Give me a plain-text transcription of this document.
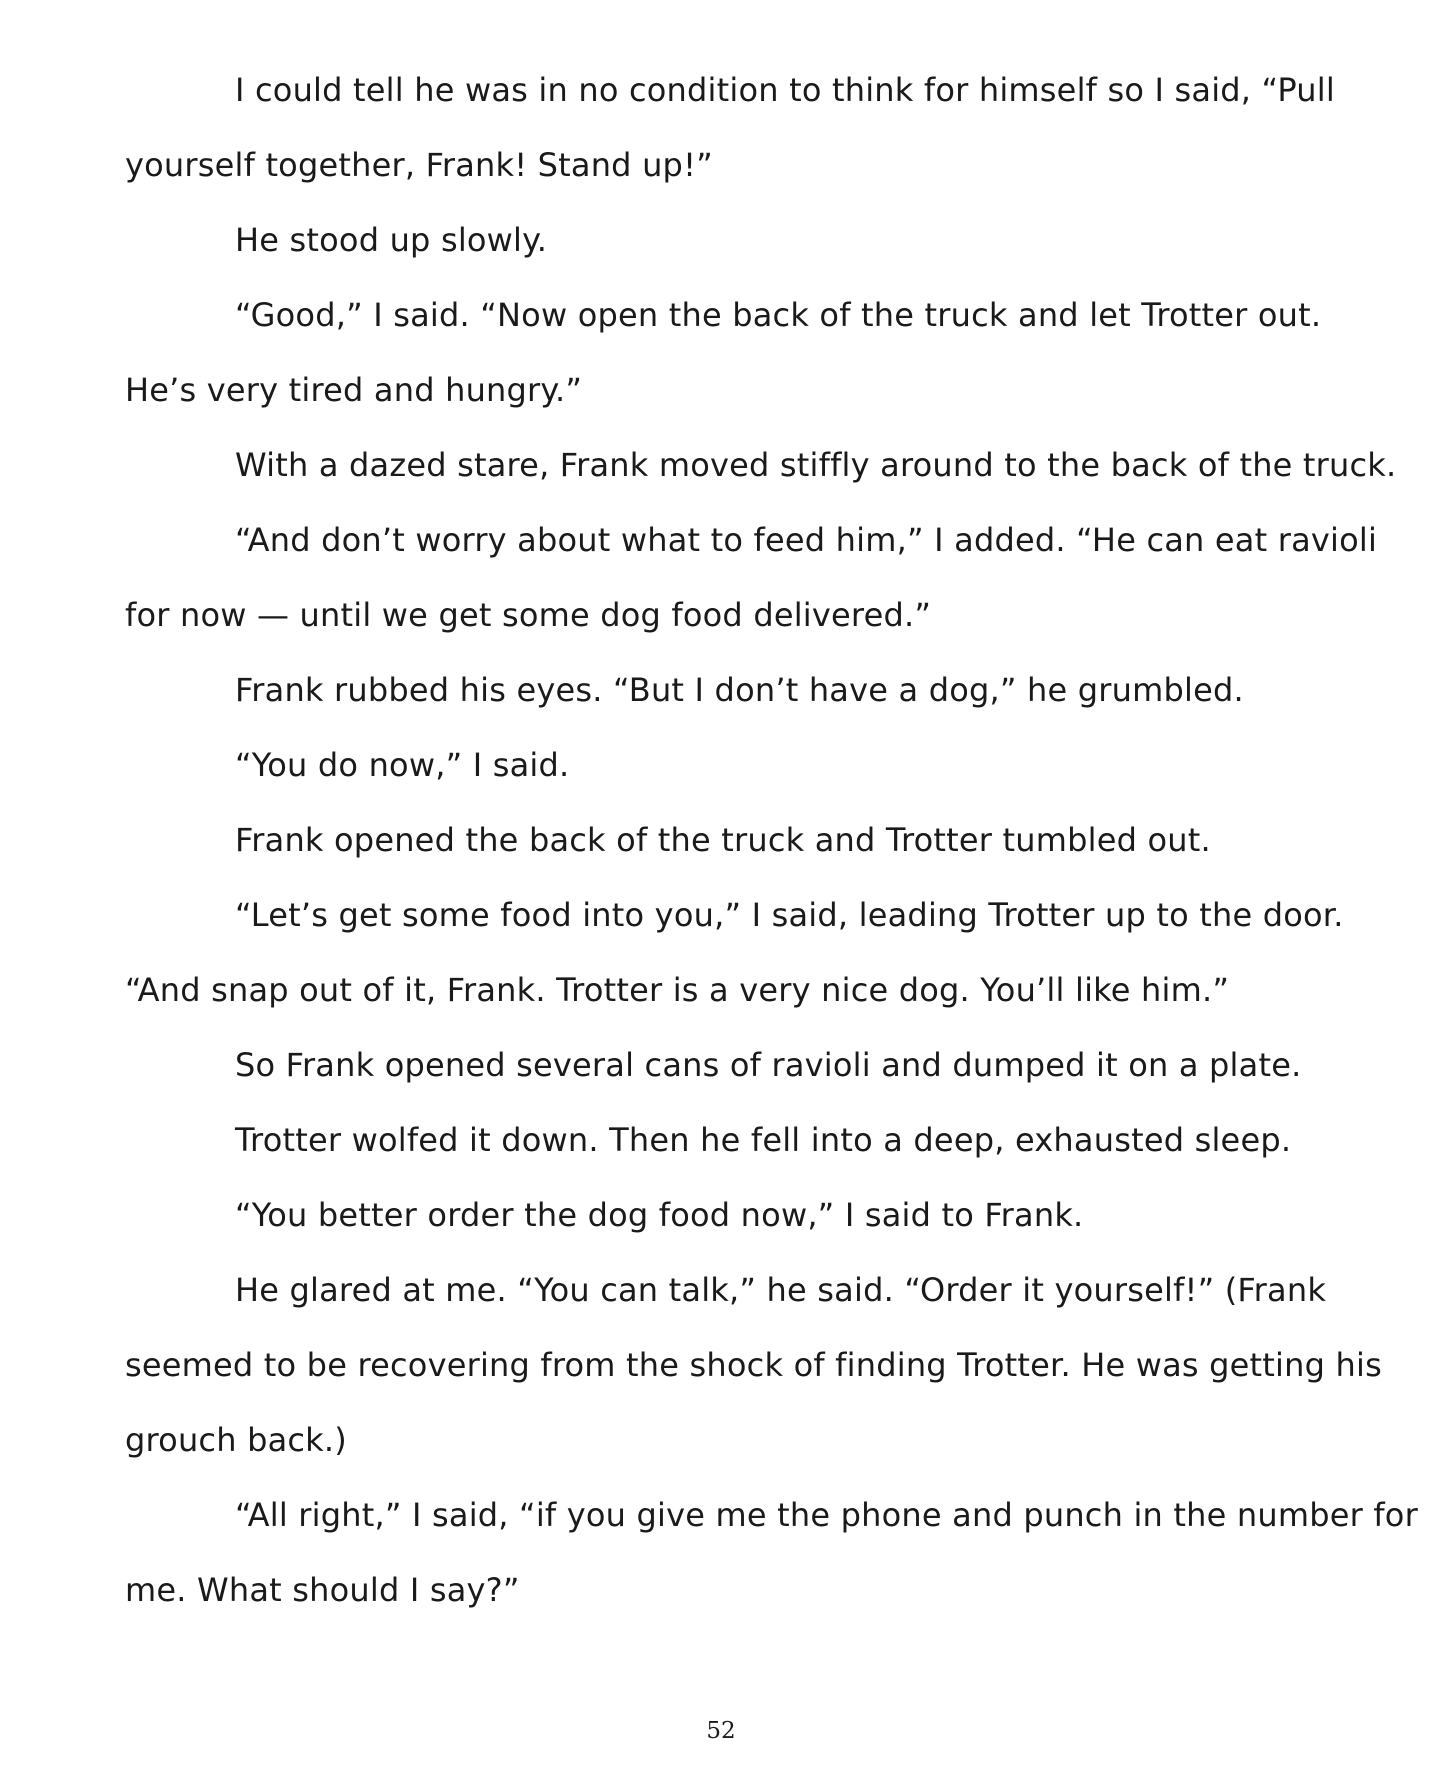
I could tell he was in no condition to think for himself so I said, “Pull
yourself together, Frank! Stand up!”
He stood up slowly.
“Good,” I said. “Now open the back of the truck and let Trotter out.
He’s very tired and hungry.”
With a dazed stare, Frank moved stiffly around to the back of the truck.
“And don’t worry about what to feed him,” I added. “He can eat ravioli
for now — until we get some dog food delivered.”
Frank rubbed his eyes. “But I don’t have a dog,” he grumbled.
“You do now,” I said.
Frank opened the back of the truck and Trotter tumbled out.
“Let’s get some food into you,” I said, leading Trotter up to the door.
“And snap out of it, Frank. Trotter is a very nice dog. You’ll like him.”
So Frank opened several cans of ravioli and dumped it on a plate.
Trotter wolfed it down. Then he fell into a deep, exhausted sleep.
“You better order the dog food now,” I said to Frank.
He glared at me. “You can talk,” he said. “Order it yourself!” (Frank
seemed to be recovering from the shock of finding Trotter. He was getting his
grouch back.)
“All right,” I said, “if you give me the phone and punch in the number for
me. What should I say?”
52
